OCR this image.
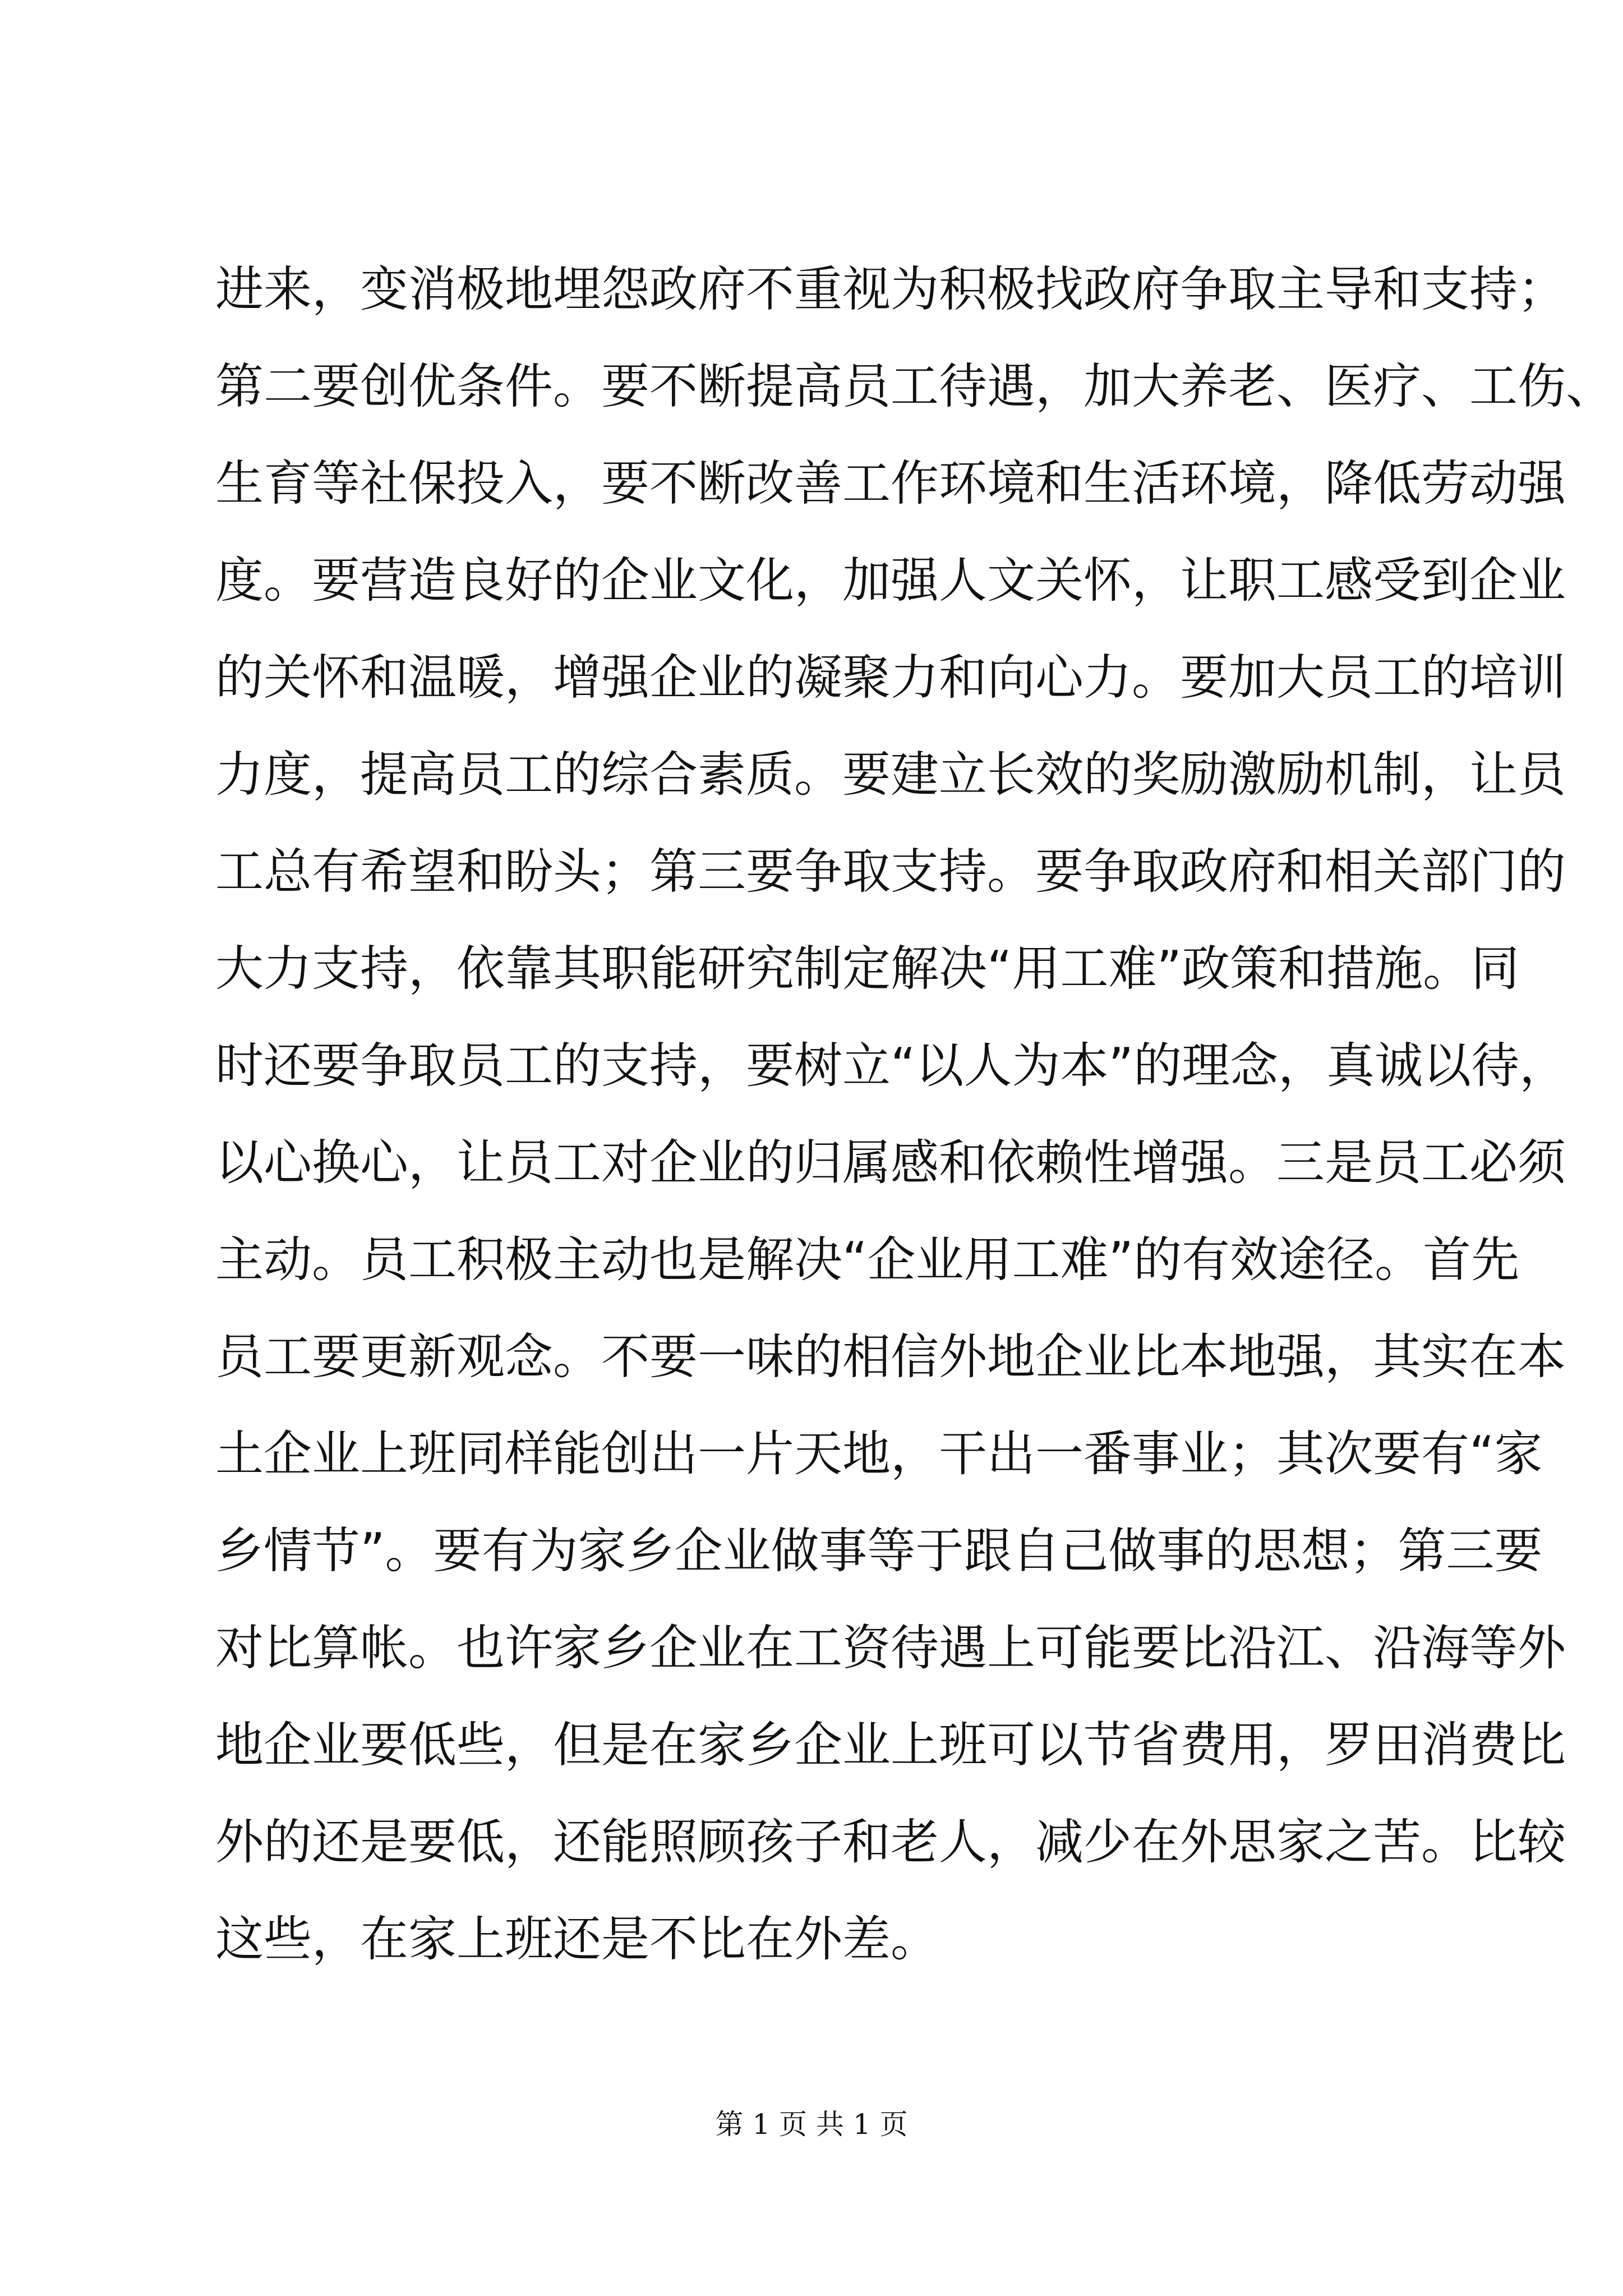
进来，变消极地埋怨政府不重视为积极找政府争取主导和支持；
第二要创优条件。要不断提高员工待遇，加大养老、医疗、工伤、
生育等社保投入，要不断改善工作环境和生活环境，降低劳动强
度。要营造良好的企业文化，加强人文关怀，让职工感受到企业
的关怀和温暖，增强企业的凝聚力和向心力。要加大员工的培训
力度，提高员工的综合素质。要建立长效的奖励激励机制，让员
工总有希望和盼头；第三要争取支持。要争取政府和相关部门的
大力支持，依靠其职能研究制定解决“用工难”政策和措施。同
时还要争取员工的支持，要树立“以人为本”的理念，真诚以待，
以心换心，让员工对企业的归属感和依赖性增强。三是员工必须
主动。员工积极主动也是解决“企业用工难”的有效途径。首先
员工要更新观念。不要一味的相信外地企业比本地强，其实在本
土企业上班同样能创出一片天地，干出一番事业；其次要有“家
乡情节”。要有为家乡企业做事等于跟自己做事的思想；第三要
对比算帐。也许家乡企业在工资待遇上可能要比沿江、沿海等外
地企业要低些，但是在家乡企业上班可以节省费用，罗田消费比
外的还是要低，还能照顾孩子和老人，减少在外思家之苦。比较
这些，在家上班还是不比在外差。
第 1 页 共 1 页
